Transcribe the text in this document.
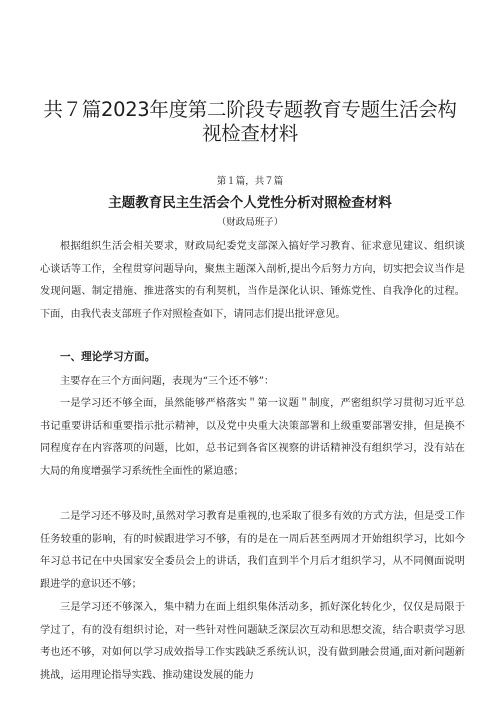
共７篇2023年度第二阶段专题教育专题生活会构
视检查材料
第１篇，共７篇
主题教育民主生活会个人党性分析对照检查材料
（财政局班子）

根据组织生活会相关要求，财政局纪委党支部深入搞好学习教育、征求意见建议、组织谈心谈话等工作，全程贯穿问题导向，聚焦主题深入剖析,提出今后努力方向，切实把会议当作是发现问题、制定措施、推进落实的有利契机，当作是深化认识、锤炼党性、自我净化的过程。下面，由我代表支部班子作对照检查如下，请同志们提出批评意见。

一、理论学习方面。

主要存在三个方面问题，表现为“三个还不够”：

一是学习还不够全面，虽然能够严格落实＂第一议题＂制度，严密组织学习贯彻习近平总书记重要讲话和重要指示批示精神，以及党中央重大决策部署和上级重要部署安排，但是换不同程度存在内容落项的问题，比如，总书记到各省区视察的讲话精神没有组织学习，没有站在大局的角度增强学习系统性全面性的紧迫感；

二是学习还不够及时,虽然对学习教育是重视的,也采取了很多有效的方式方法，但是受工作任务较重的影响，有的时候跟进学习不够，有的是在一周后甚至两周才开始组织学习，比如今年习总书记在中央国家安全委员会上的讲话，我们直到半个月后才组织学习，从不同侧面说明跟进学的意识还不够；

三是学习还不够深入，集中精力在面上组织集体活动多，抓好深化转化少，仅仅是局限于学过了，有的没有组织讨论，对一些针对性问题缺乏深层次互动和思想交流，结合职责学习思考也还不够，对如何以学习成效指导工作实践缺乏系统认识，没有做到融会贯通,面对新问题新挑战，运用理论指导实践、推动建设发展的能力
